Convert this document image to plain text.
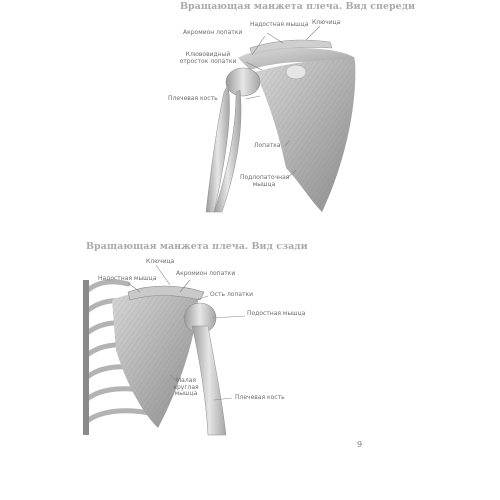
Вращающая манжета плеча. Вид спереди
Вращающая манжета плеча. Вид сзади
Надостная мышца Ключица
Акромион лопатки
Клювовидный отросток лопатки
Плечевая кость
Лопатка
Подлопаточная мышца
Ключица
Надостная мышца
Акромион лопатки
Ость лопатки
Подостная мышца
Малая круглая мышца
Плечевая кость
9
